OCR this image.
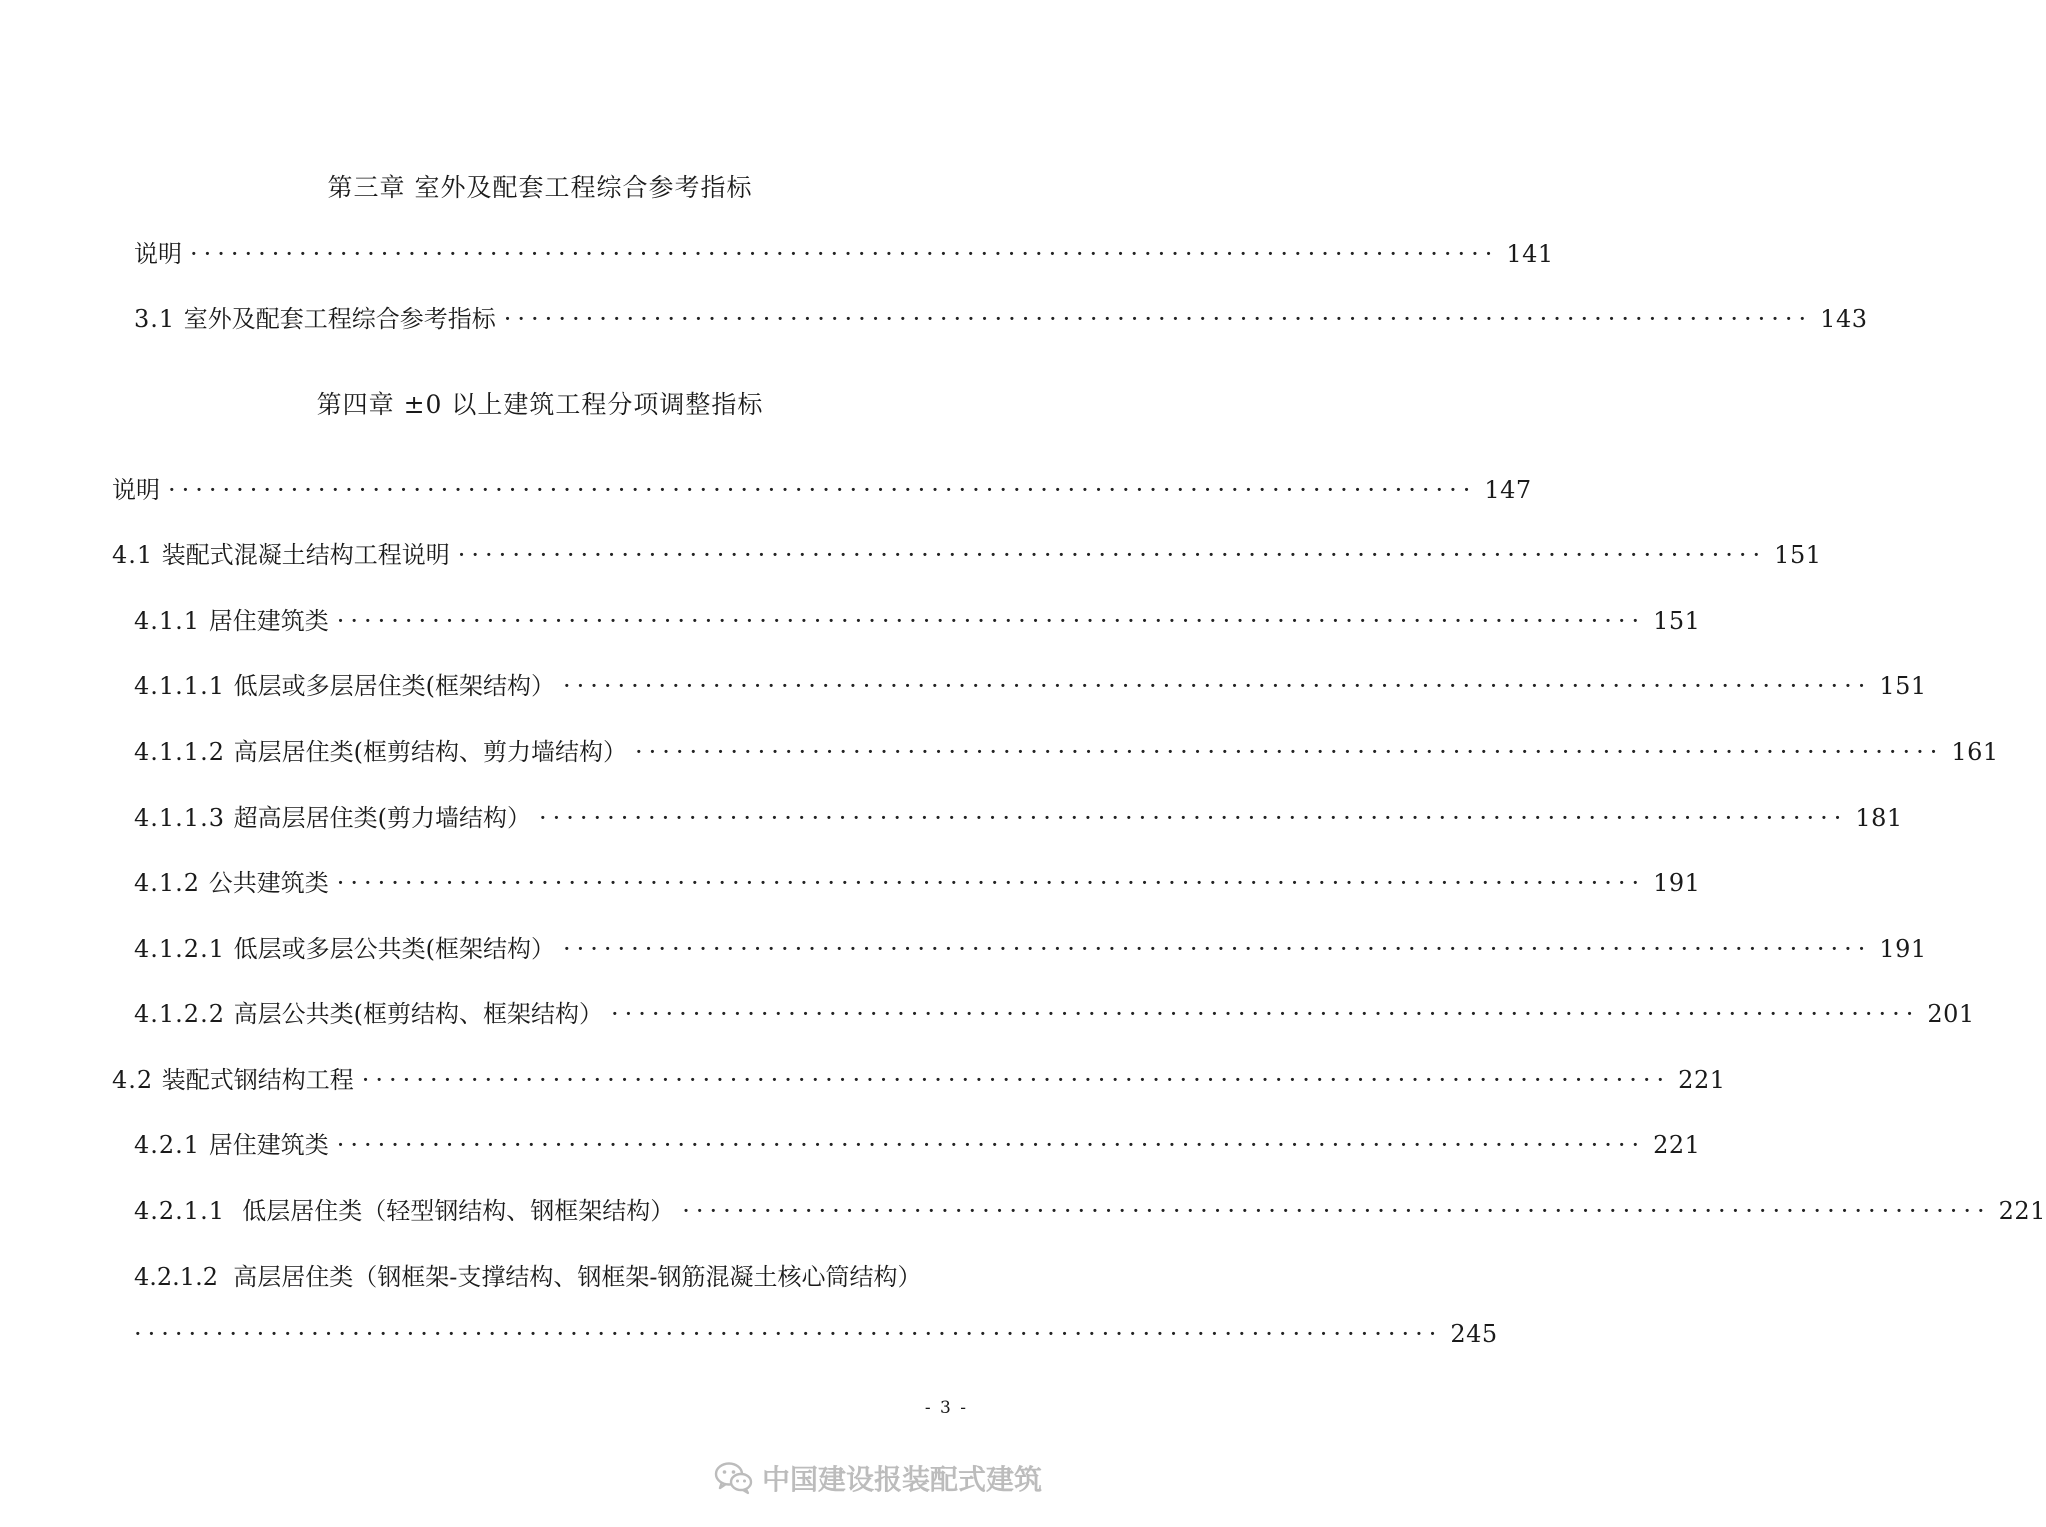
第三章 室外及配套工程综合参考指标
说明 ································································································ 141
3.1 室外及配套工程综合参考指标 ································································································ 143
第四章 ±0 以上建筑工程分项调整指标
说明 ································································································ 147
4.1 装配式混凝土结构工程说明 ································································································ 151
4.1.1 居住建筑类 ································································································ 151
4.1.1.1 低层或多层居住类(框架结构） ································································································ 151
4.1.1.2 高层居住类(框剪结构、剪力墙结构） ································································································ 161
4.1.1.3 超高层居住类(剪力墙结构） ································································································ 181
4.1.2 公共建筑类 ································································································ 191
4.1.2.1 低层或多层公共类(框架结构） ································································································ 191
4.1.2.2 高层公共类(框剪结构、框架结构） ································································································ 201
4.2 装配式钢结构工程 ································································································ 221
4.2.1 居住建筑类 ································································································ 221
4.2.1.1 低层居住类（轻型钢结构、钢框架结构） ································································································ 221
4.2.1.2  高层居住类（钢框架-支撑结构、钢框架-钢筋混凝土核心筒结构）
································································································ 245
- 3 -
中国建设报装配式建筑
